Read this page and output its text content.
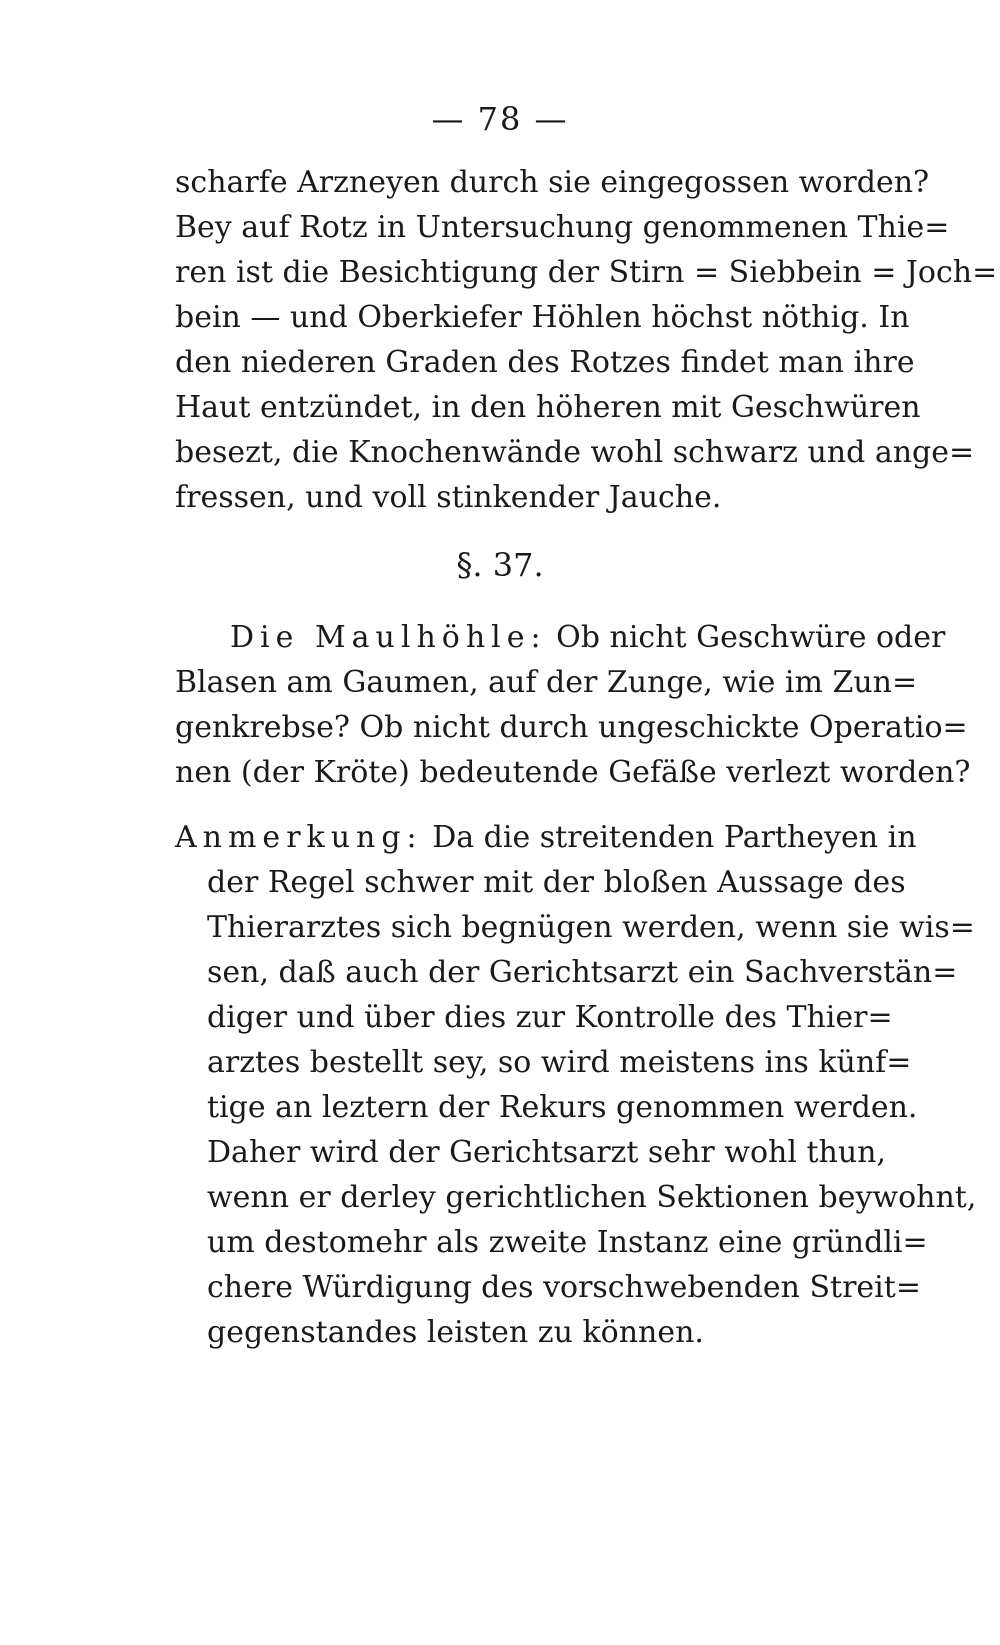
— 78 —
scharfe Arzneyen durch sie eingegossen worden?
Bey auf Rotz in Untersuchung genommenen Thie=
ren ist die Besichtigung der Stirn = Siebbein = Joch=
bein — und Oberkiefer Höhlen höchst nöthig. In
den niederen Graden des Rotzes findet man ihre
Haut entzündet, in den höheren mit Geschwüren
besezt, die Knochenwände wohl schwarz und ange=
fressen, und voll stinkender Jauche.
§. 37.
Die Maulhöhle: Ob nicht Geschwüre oder
Blasen am Gaumen, auf der Zunge, wie im Zun=
genkrebse? Ob nicht durch ungeschickte Operatio=
nen (der Kröte) bedeutende Gefäße verlezt worden?
Anmerkung: Da die streitenden Partheyen in
der Regel schwer mit der bloßen Aussage des
Thierarztes sich begnügen werden, wenn sie wis=
sen, daß auch der Gerichtsarzt ein Sachverstän=
diger und über dies zur Kontrolle des Thier=
arztes bestellt sey, so wird meistens ins künf=
tige an leztern der Rekurs genommen werden.
Daher wird der Gerichtsarzt sehr wohl thun,
wenn er derley gerichtlichen Sektionen beywohnt,
um destomehr als zweite Instanz eine gründli=
chere Würdigung des vorschwebenden Streit=
gegenstandes leisten zu können.
